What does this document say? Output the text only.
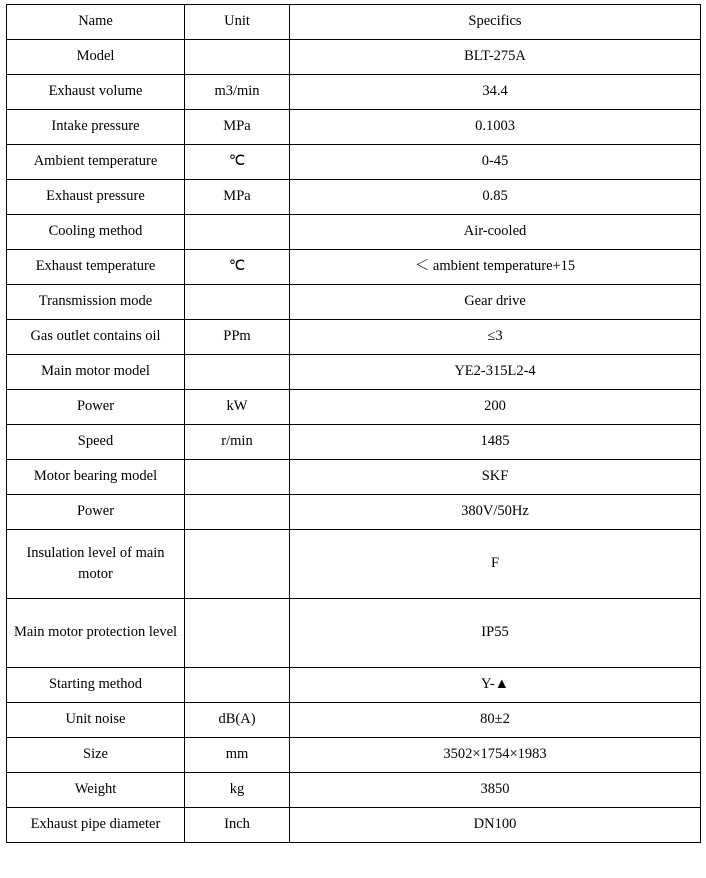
Name	Unit	Specifics
Model		BLT-275A
Exhaust volume	m3/min	34.4
Intake pressure	MPa	0.1003
Ambient temperature	℃	0-45
Exhaust pressure	MPa	0.85
Cooling method		Air-cooled
Exhaust temperature	℃	＜ ambient temperature+15
Transmission mode		Gear drive
Gas outlet contains oil	PPm	≤3
Main motor model		YE2-315L2-4
Power	kW	200
Speed	r/min	1485
Motor bearing model		SKF
Power		380V/50Hz
Insulation level of main motor		F
Main motor protection level		IP55
Starting method		Y-▲
Unit noise	dB(A)	80±2
Size	mm	3502×1754×1983
Weight	kg	3850
Exhaust pipe diameter	Inch	DN100
